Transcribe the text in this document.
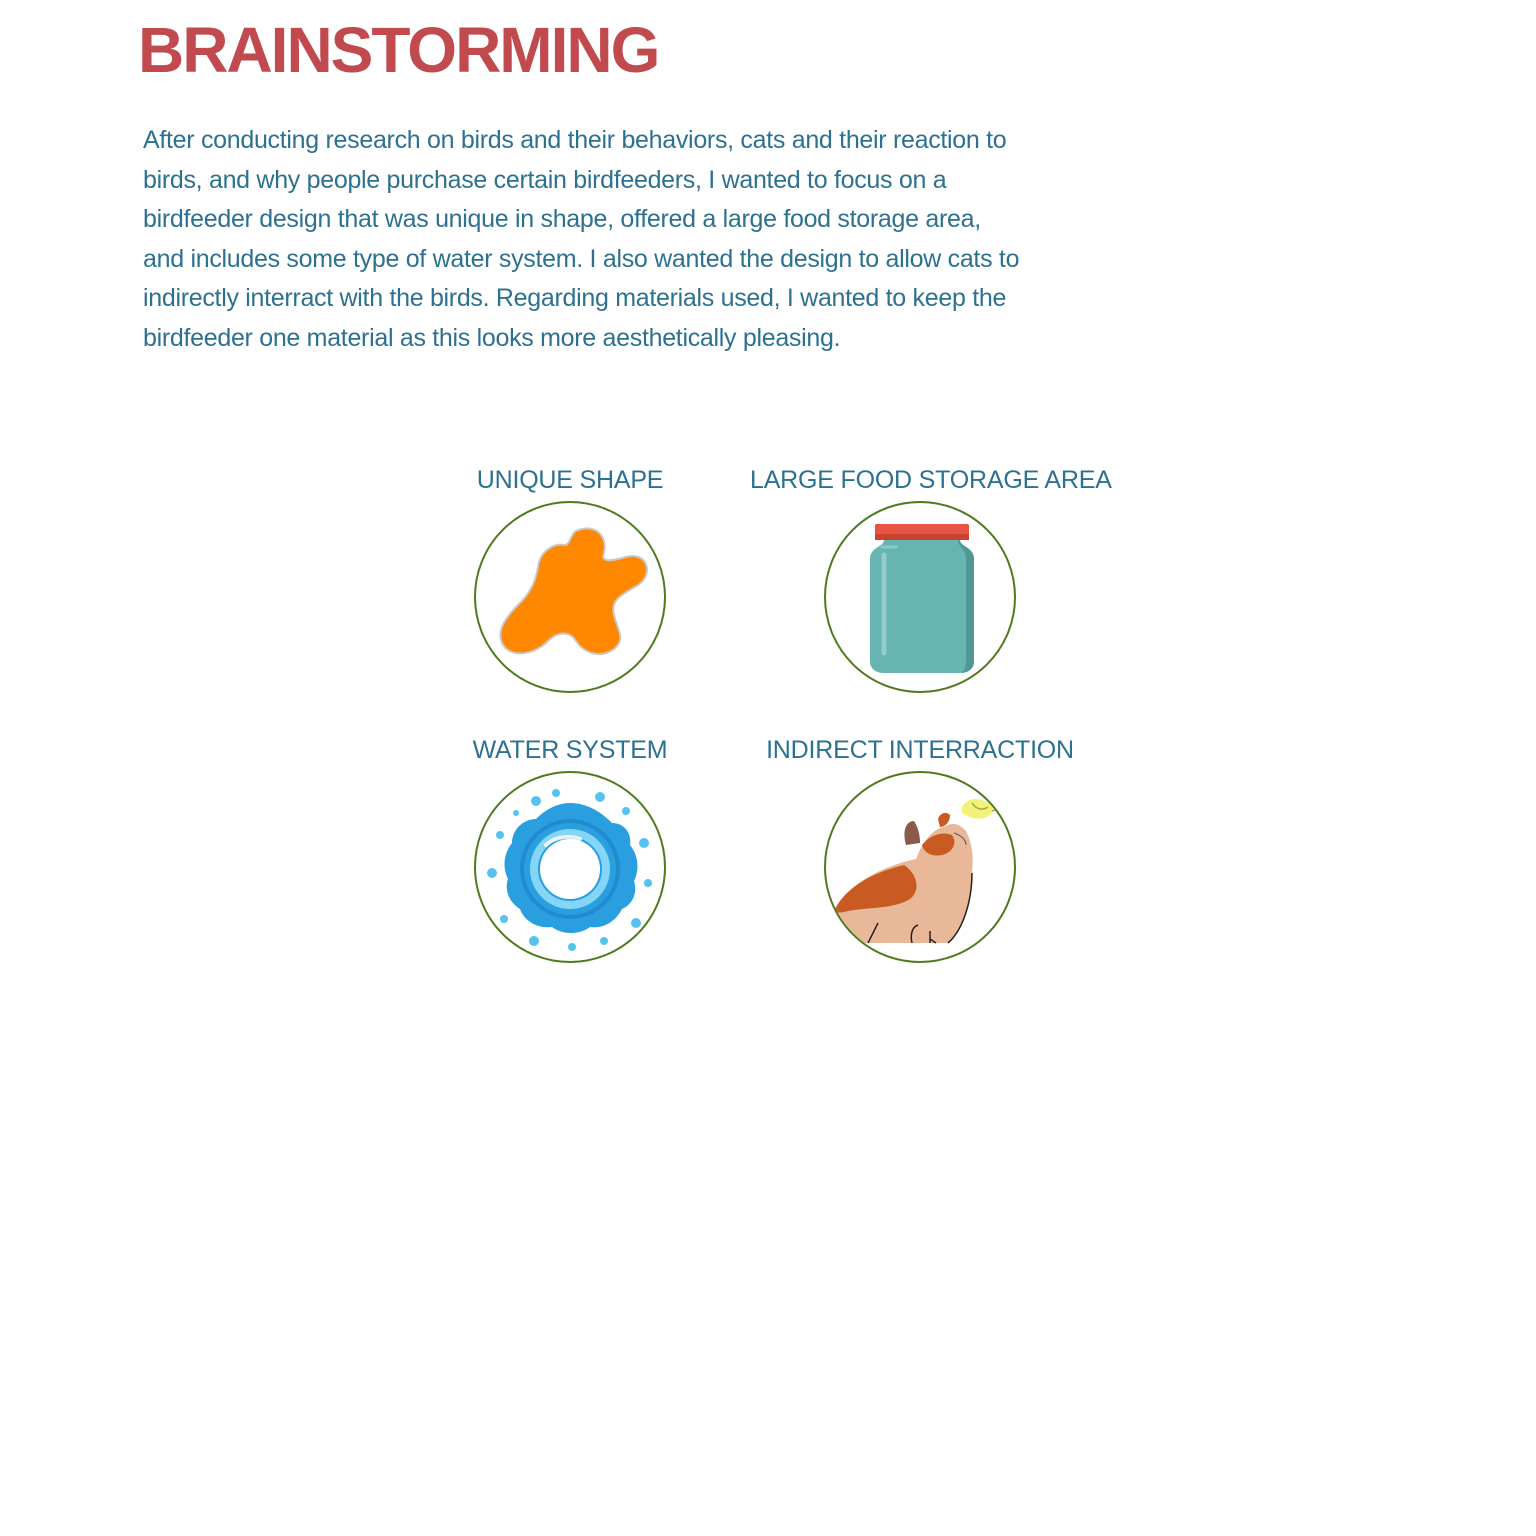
BRAINSTORMING

After conducting research on birds and their behaviors, cats and their reaction to

birds, and why people purchase certain birdfeeders, I wanted to focus on a

birdfeeder design that was unique in shape, offered a large food storage area,

and includes some type of water system. I also wanted the design to allow cats to

indirectly interract with the birds. Regarding materials used, I wanted to keep the

birdfeeder one material as this looks more aesthetically pleasing.

UNIQUE SHAPE	LARGE FOOD STORAGE AREA
WATER SYSTEM	INDIRECT INTERRACTION
